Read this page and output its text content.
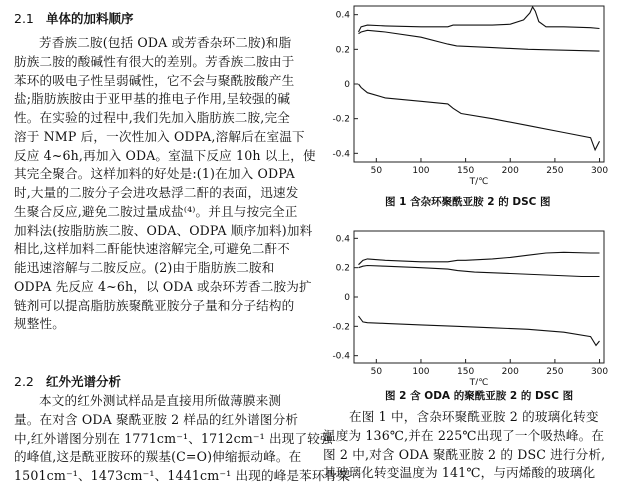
2.1 单体的加料顺序
芳香族二胺(包括 ODA 或芳香杂环二胺)和脂
肪族二胺的酸碱性有很大的差别。芳香族二胺由于
苯环的吸电子性呈弱碱性，它不会与聚酰胺酸产生
盐;脂肪族胺由于亚甲基的推电子作用,呈较强的碱
性。在实验的过程中,我们先加入脂肪族二胺,完全
溶于 NMP 后，一次性加入 ODPA,溶解后在室温下
反应 4~6h,再加入 ODA。室温下反应 10h 以上，使
其完全聚合。这样加料的好处是:(1)在加入 ODPA
时,大量的二胺分子会进攻悬浮二酐的表面，迅速发
生聚合反应,避免二胺过量成盐⁽⁴⁾。并且与按完全正
加料法(按脂肪族二胺、ODA、ODPA 顺序加料)加料
相比,这样加料二酐能快速溶解完全,可避免二酐不
能迅速溶解与二胺反应。(2)由于脂肪族二胺和
ODPA 先反应 4~6h，以 ODA 或杂环芳香二胺为扩
链剂可以提高脂肪族聚酰亚胺分子量和分子结构的
规整性。
2.2 红外光谱分析
本文的红外测试样品是直接用所做薄膜来测
量。在对含 ODA 聚酰亚胺 2 样品的红外谱图分析
中,红外谱图分别在 1771cm⁻¹、1712cm⁻¹ 出现了较强
的峰值,这是酰亚胺环的羰基(C=O)伸缩振动峰。在
1501cm⁻¹、1473cm⁻¹、1441cm⁻¹ 出现的峰是苯环骨架
0.4
0.2
0
-0.2
-0.4
50	100	150	200	250	300
T/℃
图 1 含杂环聚酰亚胺 2 的 DSC 图
0.4
0.2
0
-0.2
-0.4
50	100	150	200	250	300
T/℃
图 2 含 ODA 的聚酰亚胺 2 的 DSC 图
在图 1 中，含杂环聚酰亚胺 2 的玻璃化转变
温度为 136℃,并在 225℃出现了一个吸热峰。在
图 2 中,对含 ODA 聚酰亚胺 2 的 DSC 进行分析,
其玻璃化转变温度为 141℃，与丙烯酸的玻璃化
